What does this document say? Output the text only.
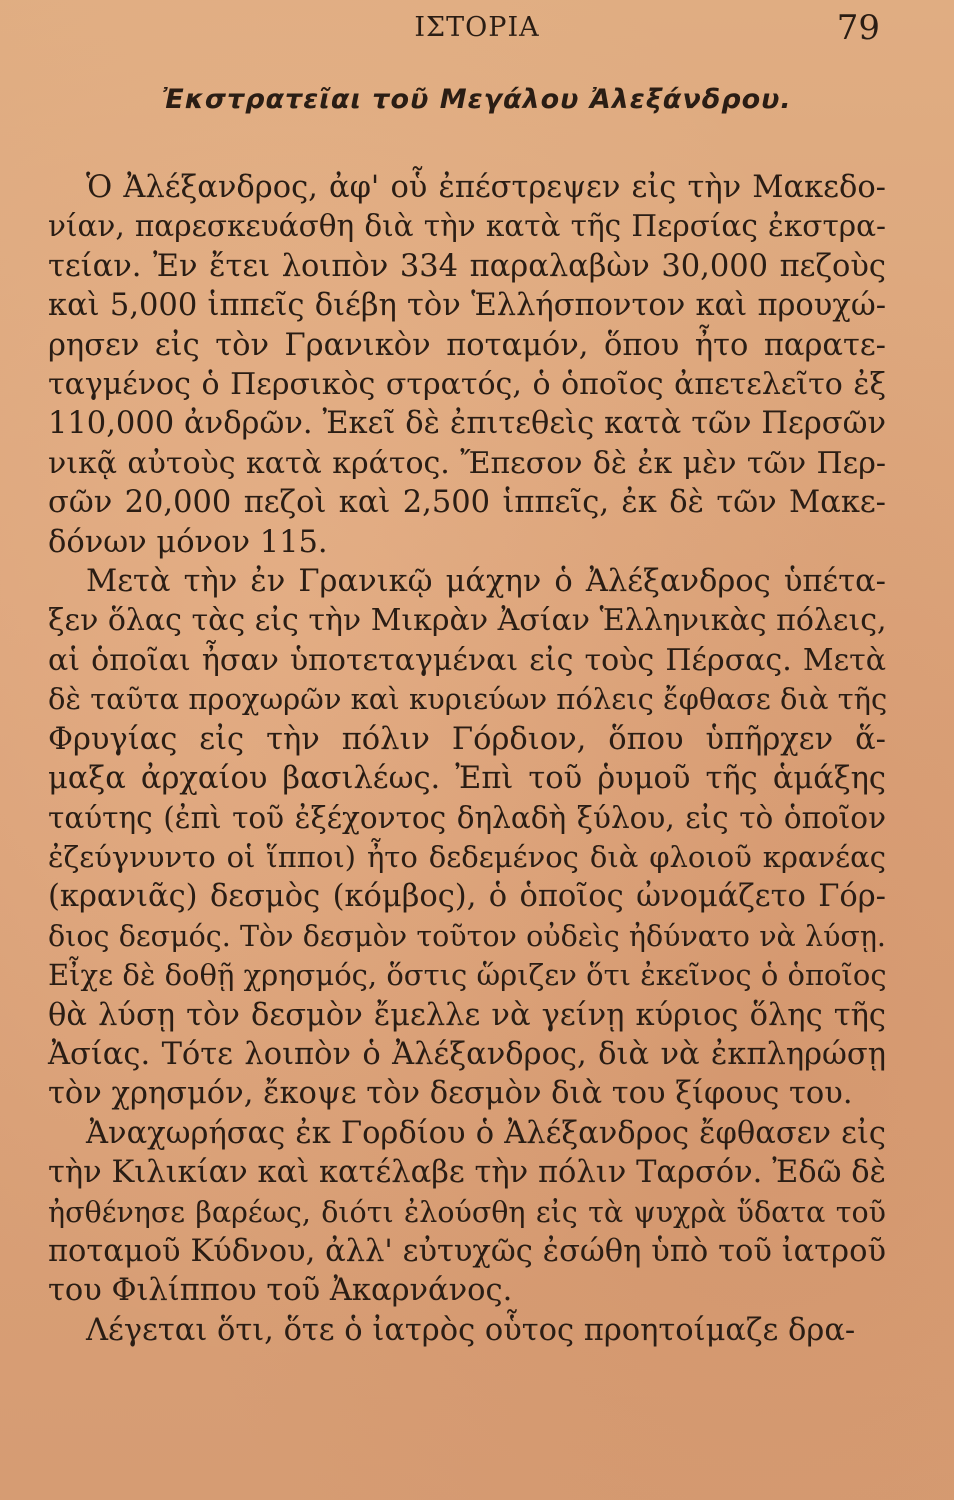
ΙΣΤΟΡΙΑ	79
Ἐκστρατεῖαι τοῦ Μεγάλου Ἀλεξάνδρου.
Ὁ Ἀλέξανδρος, ἀφ' οὗ ἐπέστρεψεν εἰς τὴν Μακεδο-
νίαν, παρεσκευάσθη διὰ τὴν κατὰ τῆς Περσίας ἐκστρα-
τείαν. Ἐν ἔτει λοιπὸν 334 παραλαβὼν 30,000 πεζοὺς
καὶ 5,000 ἱππεῖς διέβη τὸν Ἑλλήσποντον καὶ προυχώ-
ρησεν εἰς τὸν Γρανικὸν ποταμόν, ὅπου ἦτο παρατε-
ταγμένος ὁ Περσικὸς στρατός, ὁ ὁποῖος ἀπετελεῖτο ἐξ
110,000 ἀνδρῶν. Ἐκεῖ δὲ ἐπιτεθεὶς κατὰ τῶν Περσῶν
νικᾷ αὐτοὺς κατὰ κράτος. Ἔπεσον δὲ ἐκ μὲν τῶν Περ-
σῶν 20,000 πεζοὶ καὶ 2,500 ἱππεῖς, ἐκ δὲ τῶν Μακε-
δόνων μόνον 115.
Μετὰ τὴν ἐν Γρανικῷ μάχην ὁ Ἀλέξανδρος ὑπέτα-
ξεν ὅλας τὰς εἰς τὴν Μικρὰν Ἀσίαν Ἑλληνικὰς πόλεις,
αἱ ὁποῖαι ἦσαν ὑποτεταγμέναι εἰς τοὺς Πέρσας. Μετὰ
δὲ ταῦτα προχωρῶν καὶ κυριεύων πόλεις ἔφθασε διὰ τῆς
Φρυγίας εἰς τὴν πόλιν Γόρδιον, ὅπου ὑπῆρχεν ἅ-
μαξα ἀρχαίου βασιλέως. Ἐπὶ τοῦ ῥυμοῦ τῆς ἁμάξης
ταύτης (ἐπὶ τοῦ ἐξέχοντος δηλαδὴ ξύλου, εἰς τὸ ὁποῖον
ἐζεύγνυντο οἱ ἵπποι) ἦτο δεδεμένος διὰ φλοιοῦ κρανέας
(κρανιᾶς) δεσμὸς (κόμβος), ὁ ὁποῖος ὠνομάζετο Γόρ-
διος δεσμός. Τὸν δεσμὸν τοῦτον οὐδεὶς ἠδύνατο νὰ λύσῃ.
Εἶχε δὲ δοθῇ χρησμός, ὅστις ὥριζεν ὅτι ἐκεῖνος ὁ ὁποῖος
θὰ λύσῃ τὸν δεσμὸν ἔμελλε νὰ γείνῃ κύριος ὅλης τῆς
Ἀσίας. Τότε λοιπὸν ὁ Ἀλέξανδρος, διὰ νὰ ἐκπληρώσῃ
τὸν χρησμόν, ἔκοψε τὸν δεσμὸν διὰ του ξίφους του.
Ἀναχωρήσας ἐκ Γορδίου ὁ Ἀλέξανδρος ἔφθασεν εἰς
τὴν Κιλικίαν καὶ κατέλαβε τὴν πόλιν Ταρσόν. Ἐδῶ δὲ
ἠσθένησε βαρέως, διότι ἐλούσθη εἰς τὰ ψυχρὰ ὕδατα τοῦ
ποταμοῦ Κύδνου, ἀλλ' εὐτυχῶς ἐσώθη ὑπὸ τοῦ ἰατροῦ
του Φιλίππου τοῦ Ἀκαρνάνος.
Λέγεται ὅτι, ὅτε ὁ ἰατρὸς οὗτος προητοίμαζε δρα-
